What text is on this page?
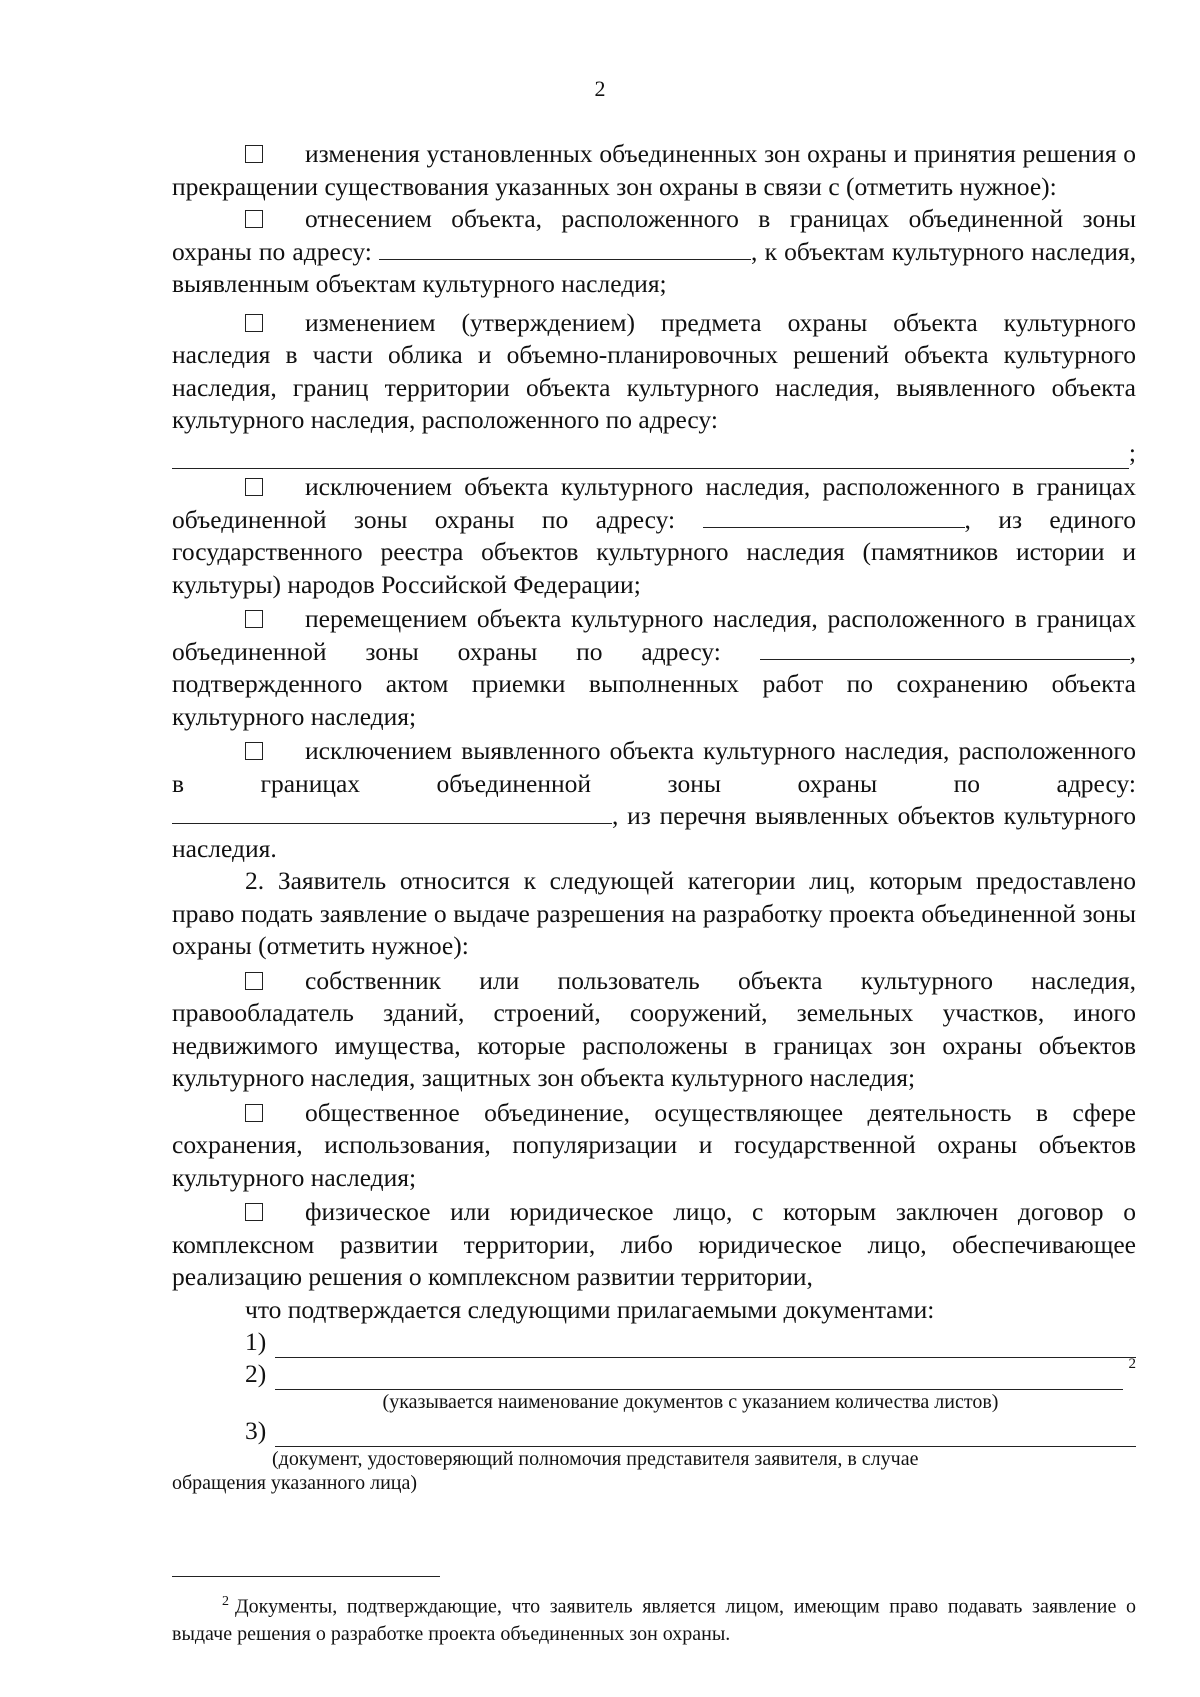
2

изменения установленных объединенных зон охраны и принятия решения о прекращении существования указанных зон охраны в связи с (отметить нужное):

отнесением объекта, расположенного в границах объединенной зоны охраны по адресу:	, к объектам культурного наследия, выявленным объектам культурного наследия;

изменением (утверждением) предмета охраны объекта культурного наследия в части облика и объемно-планировочных решений объекта культурного наследия, границ территории объекта культурного наследия, выявленного объекта культурного наследия, расположенного по адресу:

;

исключением объекта культурного наследия, расположенного в границах объединенной зоны охраны по адресу:	, из единого государственного реестра объектов культурного наследия (памятников истории и культуры) народов Российской Федерации;

перемещением объекта культурного наследия, расположенного в границах объединенной зоны охраны по адресу:	, подтвержденного актом приемки выполненных работ по сохранению объекта культурного наследия;

исключением выявленного объекта культурного наследия, расположенного в границах объединенной зоны охраны по адресу: , из перечня выявленных объектов культурного наследия.

2. Заявитель относится к следующей категории лиц, которым предоставлено право подать заявление о выдаче разрешения на разработку проекта объединенной зоны охраны (отметить нужное):

собственник или пользователь объекта культурного наследия, правообладатель зданий, строений, сооружений, земельных участков, иного недвижимого имущества, которые расположены в границах зон охраны объектов культурного наследия, защитных зон объекта культурного наследия;

общественное объединение, осуществляющее деятельность в сфере сохранения, использования, популяризации и государственной охраны объектов культурного наследия;

физическое или юридическое лицо, с которым заключен договор о комплексном развитии территории, либо юридическое лицо, обеспечивающее реализацию решения о комплексном развитии территории,

что подтверждается следующими прилагаемыми документами:

1)
2)	2
(указывается наименование документов с указанием количества листов)
3)
(документ, удостоверяющий полномочия представителя заявителя, в случае
обращения указанного лица)
$^2$ Документы, подтверждающие, что заявитель является лицом, имеющим право подавать заявление о выдаче решения о разработке проекта объединенных зон охраны.
